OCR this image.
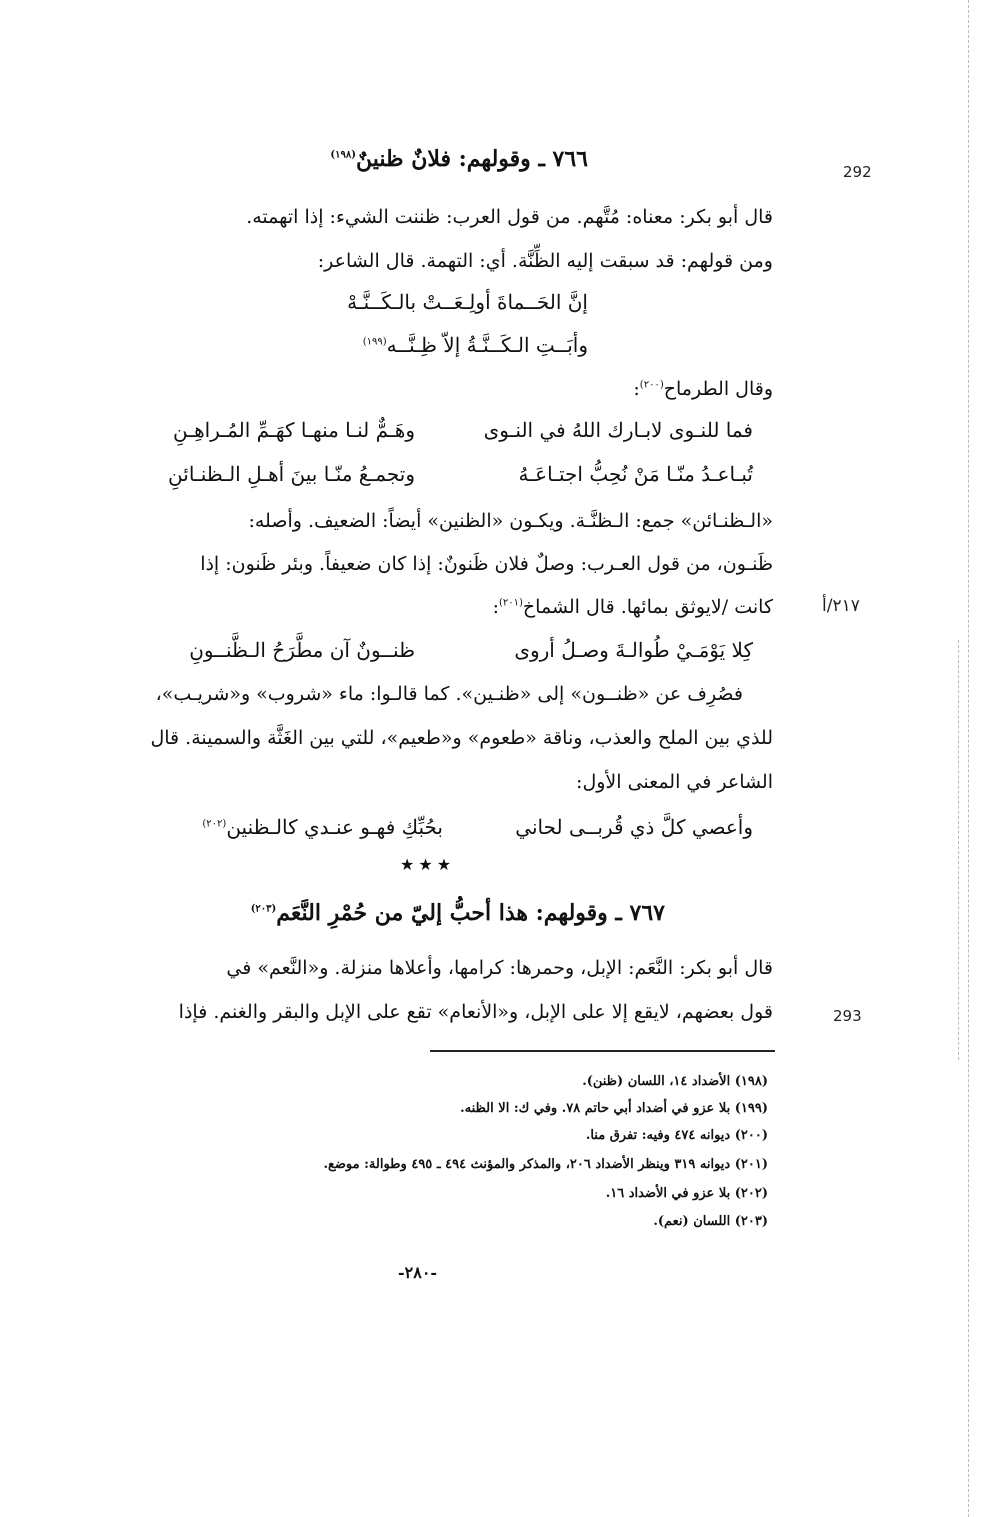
292
293
٢١٧/أ
٧٦٦ ـ وقولهم: فلانٌ ظنينٌ$^{(١٩٨)}$
قال أبو بكر: معناه: مُتَّهم. من قول العرب: ظننت الشيء: إذا اتهمته.
ومن قولهم: قد سبقت إليه الظِّنَّة. أي: التهمة. قال الشاعر:
إنَّ الحَــماةَ أولِـعَــتْ بالـكَــنَّـهْ
وأبَــتِ الـكَــنَّـةُ إلاّ ظِـنَّــه$^{(١٩٩)}$
وقال الطرماح$^{(٢٠٠)}$:
فما للنـوى لابـارك اللهُ في النـوى
وهَـمٌّ لنـا منهـا كهَـمِّ المُـراهِـنِ
تُبـاعـدُ منّـا مَنْ نُحِبُّ اجتـاعَـهُ
وتجمـعُ منّـا بينَ أهـلِ الـظنـائنِ
«الـظنـائن» جمع: الـظنَّـة. ويكـون «الظنين» أيضاً: الضعيف. وأصله:
ظَنـون، من قول العـرب: وصلٌ فلان ظَنونٌ: إذا كان ضعيفاً. وبئر ظَنون: إذا
كانت /لايوثق بمائها. قال الشماخ$^{(٢٠١)}$:
كِلا يَوْمَـيْ طُوالـةَ وصـلُ أروى
ظنــونٌ آن مطَّرَحُ الـظَّنــونِ
فصُرِف عن «ظنــون» إلى «ظنـين». كما قالـوا: ماء «شروب» و«شريـب»،
للذي بين الملح والعذب، وناقة «طعوم» و«طعيم»، للتي بين الغَثَّة والسمينة. قال
الشاعر في المعنى الأول:
وأعصي كلَّ ذي قُربــى لحاني
بحُبِّكِ فهـو عنـدي كالـظنين$^{(٢٠٢)}$
★★★
٧٦٧ ـ وقولهم: هذا أحبُّ إليّ من حُمْرِ النَّعَم$^{(٢٠٣)}$
قال أبو بكر: النَّعَم: الإبل، وحمرها: كرامها، وأعلاها منزلة. و«النَّعم» في
قول بعضهم، لايقع إلا على الإبل، و«الأنعام» تقع على الإبل والبقر والغنم. فإذا
(١٩٨) الأضداد ١٤، اللسان (ظنن).
(١٩٩) بلا عزو في أضداد أبي حاتم ٧٨. وفي ك: الا الظنه.
(٢٠٠) ديوانه ٤٧٤ وفيه: تفرق منا.
(٢٠١) ديوانه ٣١٩ وينظر الأضداد ٢٠٦، والمذكر والمؤنث ٤٩٤ ـ ٤٩٥ وطوالة: موضع.
(٢٠٢) بلا عزو في الأضداد ١٦.
(٢٠٣) اللسان (نعم).
-٢٨٠-
